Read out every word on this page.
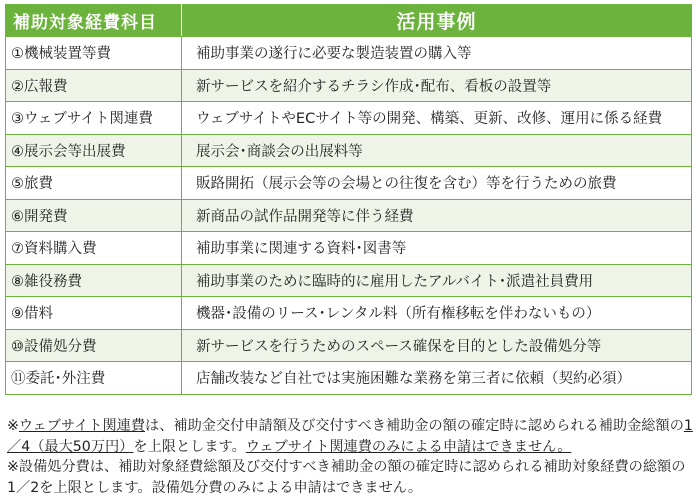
補助対象経費科目	活用事例
①機械装置等費	補助事業の遂行に必要な製造装置の購入等
②広報費	新サービスを紹介するチラシ作成･配布、看板の設置等
③ウェブサイト関連費	ウェブサイトやECサイト等の開発、構築、更新、改修、運用に係る経費
④展示会等出展費	展示会･商談会の出展料等
⑤旅費	販路開拓（展示会等の会場との往復を含む）等を行うための旅費
⑥開発費	新商品の試作品開発等に伴う経費
⑦資料購入費	補助事業に関連する資料･図書等
⑧雑役務費	補助事業のために臨時的に雇用したアルバイト･派遣社員費用
⑨借料	機器･設備のリース･レンタル料（所有権移転を伴わないもの）
⑩設備処分費	新サービスを行うためのスペース確保を目的とした設備処分等
⑪委託･外注費	店舗改装など自社では実施困難な業務を第三者に依頼（契約必須）

※ウェブサイト関連費は、補助金交付申請額及び交付すべき補助金の額の確定時に認められる補助金総額の1／4（最大50万円）を上限とします。ウェブサイト関連費のみによる申請はできません。

※設備処分費は、補助対象経費総額及び交付すべき補助金の額の確定時に認められる補助対象経費の総額の1／2を上限とします。設備処分費のみによる申請はできません。
